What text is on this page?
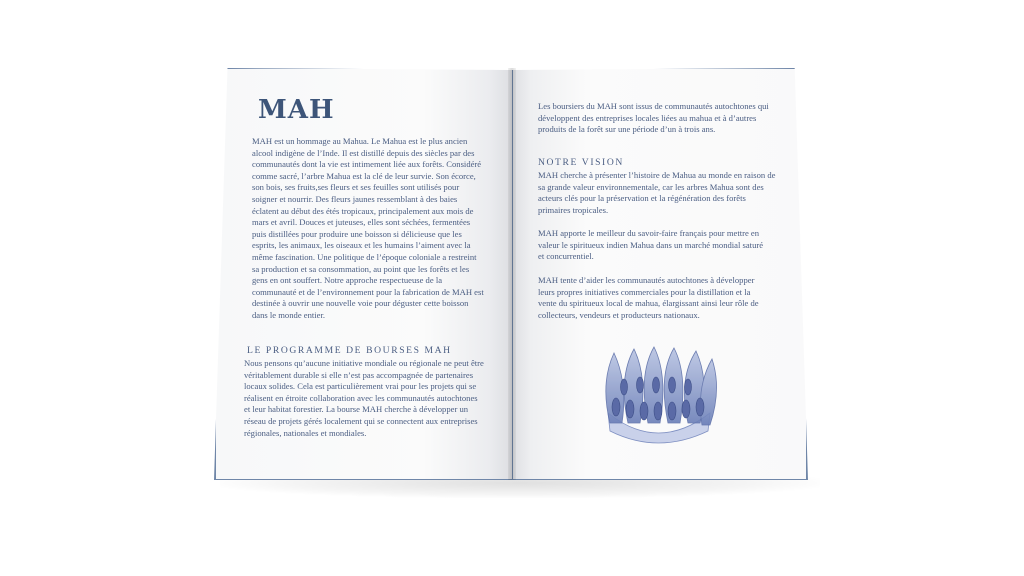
MAH

MAH est un hommage au Mahua. Le Mahua est le plus ancien alcool indigène de l’Inde. Il est distillé depuis des siècles par des communautés dont la vie est intimement liée aux forêts. Considéré comme sacré, l’arbre Mahua est la clé de leur survie. Son écorce, son bois, ses fruits,ses fleurs et ses feuilles sont utilisés pour soigner et nourrir. Des fleurs jaunes ressemblant à des baies éclatent au début des étés tropicaux, principalement aux mois de mars et avril. Douces et juteuses, elles sont séchées, fermentées puis distillées pour produire une boisson si délicieuse que les esprits, les animaux, les oiseaux et les humains l’aiment avec la même fascination. Une politique de l’époque coloniale a restreint sa production et sa consommation, au point que les forêts et les gens en ont souffert. Notre approche respectueuse de la communauté et de l’environnement pour la fabrication de MAH est destinée à ouvrir une nouvelle voie pour déguster cette boisson dans le monde entier.

LE PROGRAMME DE BOURSES MAH

Nous pensons qu’aucune initiative mondiale ou régionale ne peut être véritablement durable si elle n’est pas accompagnée de partenaires locaux solides. Cela est particulièrement vrai pour les projets qui se réalisent en étroite collaboration avec les communautés autochtones et leur habitat forestier. La bourse MAH cherche à développer un réseau de projets gérés localement qui se connectent aux entreprises régionales, nationales et mondiales.

Les boursiers du MAH sont issus de communautés autochtones qui développent des entreprises locales liées au mahua et à d’autres produits de la forêt sur une période d’un à trois ans.

NOTRE VISION

MAH cherche à présenter l’histoire de Mahua au monde en raison de sa grande valeur environnementale, car les arbres Mahua sont des acteurs clés pour la préservation et la régénération des forêts primaires tropicales.

MAH apporte le meilleur du savoir-faire français pour mettre en valeur le spiritueux indien Mahua dans un marché mondial saturé et concurrentiel.

MAH tente d’aider les communautés autochtones à développer leurs propres initiatives commerciales pour la distillation et la vente du spiritueux local de mahua, élargissant ainsi leur rôle de collecteurs, vendeurs et producteurs nationaux.
